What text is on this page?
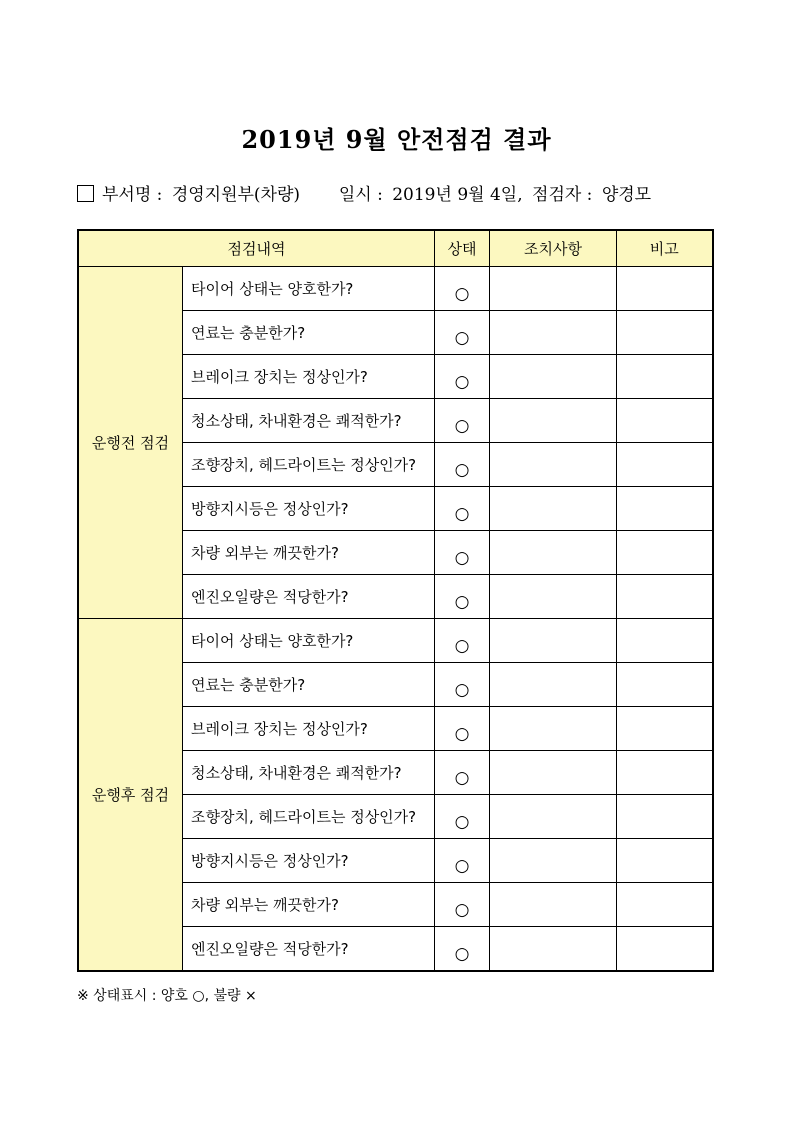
2019년 9월 안전점검 결과
부서명 : 경영지원부(차량) 일시 : 2019년 9월 4일, 점검자 : 양경모
점검내역		상태	조치사항	비고
운행전 점검	타이어 상태는 양호한가?	○		
	연료는 충분한가?	○		
	브레이크 장치는 정상인가?	○		
	청소상태, 차내환경은 쾌적한가?	○		
	조향장치, 헤드라이트는 정상인가?	○		
	방향지시등은 정상인가?	○		
	차량 외부는 깨끗한가?	○		
	엔진오일량은 적당한가?	○		
운행후 점검	타이어 상태는 양호한가?	○		
	연료는 충분한가?	○		
	브레이크 장치는 정상인가?	○		
	청소상태, 차내환경은 쾌적한가?	○		
	조향장치, 헤드라이트는 정상인가?	○		
	방향지시등은 정상인가?	○		
	차량 외부는 깨끗한가?	○		
	엔진오일량은 적당한가?	○		
※ 상태표시 : 양호 ○, 불량 ×
